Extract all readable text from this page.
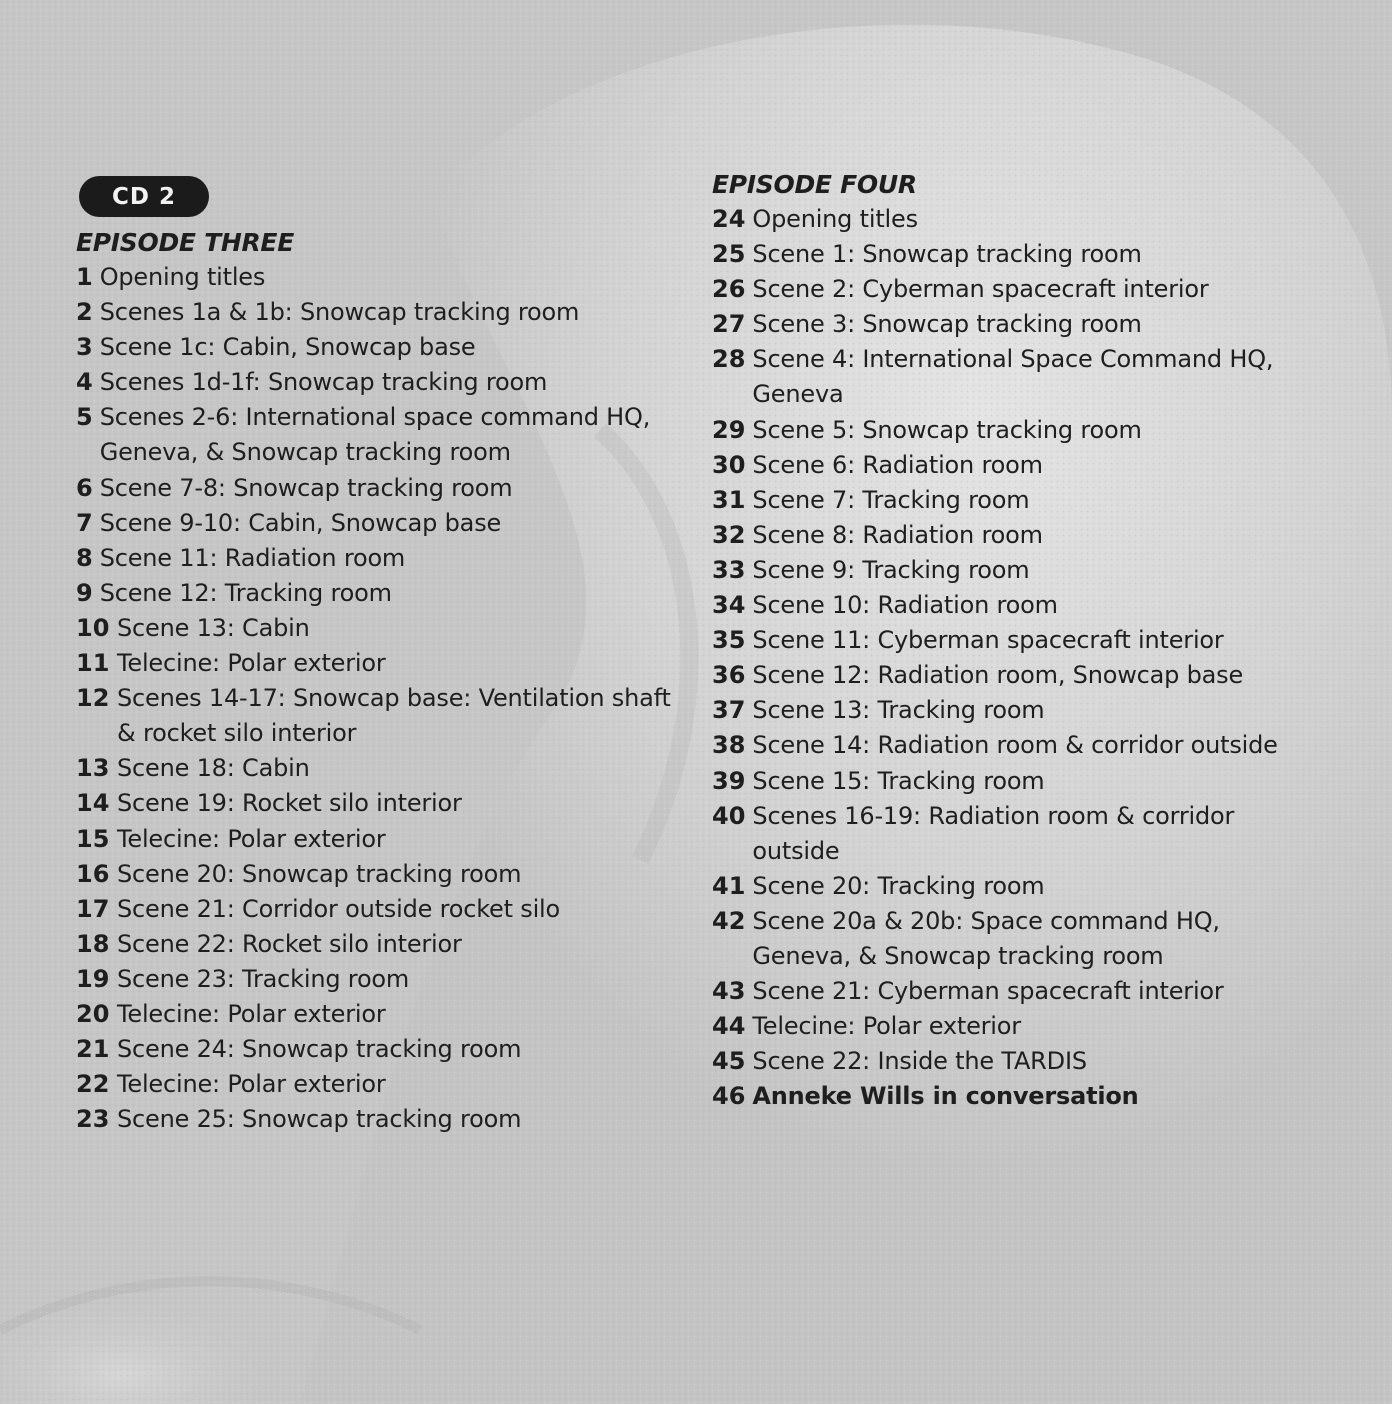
CD 2
EPISODE THREE
1 Opening titles
2 Scenes 1a & 1b: Snowcap tracking room
3 Scene 1c: Cabin, Snowcap base
4 Scenes 1d-1f: Snowcap tracking room
5 Scenes 2-6: International space command HQ, Geneva, & Snowcap tracking room
6 Scene 7-8: Snowcap tracking room
7 Scene 9-10: Cabin, Snowcap base
8 Scene 11: Radiation room
9 Scene 12: Tracking room
10 Scene 13: Cabin
11 Telecine: Polar exterior
12 Scenes 14-17: Snowcap base: Ventilation shaft & rocket silo interior
13 Scene 18: Cabin
14 Scene 19: Rocket silo interior
15 Telecine: Polar exterior
16 Scene 20: Snowcap tracking room
17 Scene 21: Corridor outside rocket silo
18 Scene 22: Rocket silo interior
19 Scene 23: Tracking room
20 Telecine: Polar exterior
21 Scene 24: Snowcap tracking room
22 Telecine: Polar exterior
23 Scene 25: Snowcap tracking room
EPISODE FOUR
24 Opening titles
25 Scene 1: Snowcap tracking room
26 Scene 2: Cyberman spacecraft interior
27 Scene 3: Snowcap tracking room
28 Scene 4: International Space Command HQ, Geneva
29 Scene 5: Snowcap tracking room
30 Scene 6: Radiation room
31 Scene 7: Tracking room
32 Scene 8: Radiation room
33 Scene 9: Tracking room
34 Scene 10: Radiation room
35 Scene 11: Cyberman spacecraft interior
36 Scene 12: Radiation room, Snowcap base
37 Scene 13: Tracking room
38 Scene 14: Radiation room & corridor outside
39 Scene 15: Tracking room
40 Scenes 16-19: Radiation room & corridor outside
41 Scene 20: Tracking room
42 Scene 20a & 20b: Space command HQ, Geneva, & Snowcap tracking room
43 Scene 21: Cyberman spacecraft interior
44 Telecine: Polar exterior
45 Scene 22: Inside the TARDIS
46 Anneke Wills in conversation
